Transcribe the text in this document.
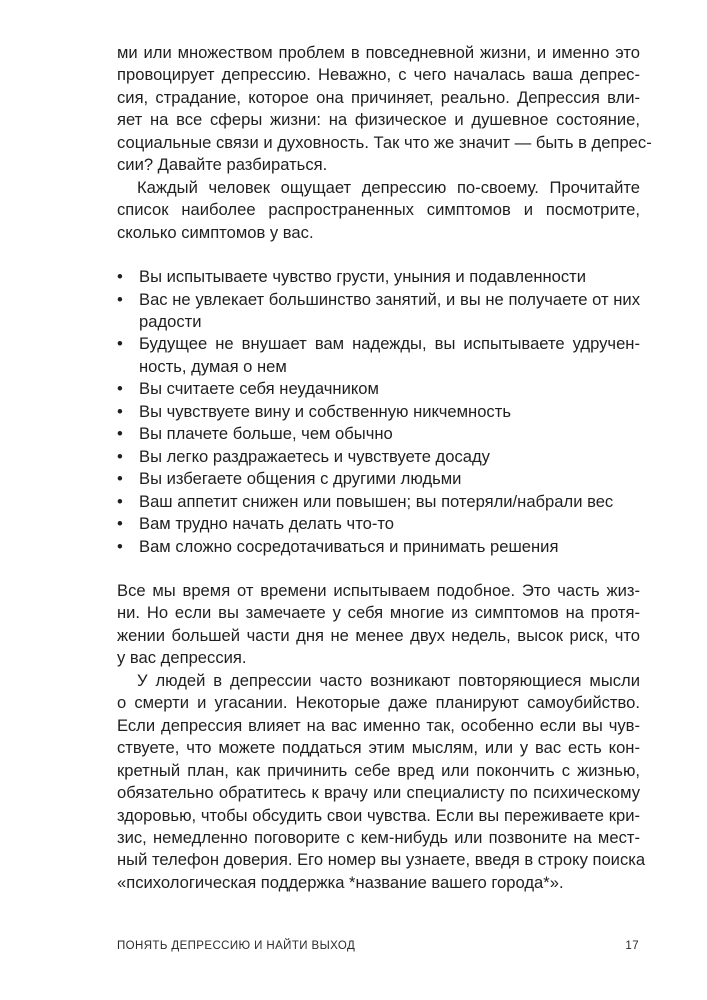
ми или множеством проблем в повседневной жизни, и именно это
провоцирует депрессию. Неважно, с чего началась ваша депрес-
сия, страдание, которое она причиняет, реально. Депрессия вли-
яет на все сферы жизни: на физическое и душевное состояние,
социальные связи и духовность. Так что же значит — быть в депрес-
сии? Давайте разбираться.
Каждый человек ощущает депрессию по-своему. Прочитайте
список наиболее распространенных симптомов и посмотрите,
сколько симптомов у вас.
• Вы испытываете чувство грусти, уныния и подавленности
• Вас не увлекает большинство занятий, и вы не получаете от них
радости
• Будущее не внушает вам надежды, вы испытываете удручен-
ность, думая о нем
• Вы считаете себя неудачником
• Вы чувствуете вину и собственную никчемность
• Вы плачете больше, чем обычно
• Вы легко раздражаетесь и чувствуете досаду
• Вы избегаете общения с другими людьми
• Ваш аппетит снижен или повышен; вы потеряли/набрали вес
• Вам трудно начать делать что-то
• Вам сложно сосредотачиваться и принимать решения
Все мы время от времени испытываем подобное. Это часть жиз-
ни. Но если вы замечаете у себя многие из симптомов на протя-
жении большей части дня не менее двух недель, высок риск, что
у вас депрессия.
У людей в депрессии часто возникают повторяющиеся мысли
о смерти и угасании. Некоторые даже планируют самоубийство.
Если депрессия влияет на вас именно так, особенно если вы чув-
ствуете, что можете поддаться этим мыслям, или у вас есть кон-
кретный план, как причинить себе вред или покончить с жизнью,
обязательно обратитесь к врачу или специалисту по психическому
здоровью, чтобы обсудить свои чувства. Если вы переживаете кри-
зис, немедленно поговорите с кем-нибудь или позвоните на мест-
ный телефон доверия. Его номер вы узнаете, введя в строку поиска
«психологическая поддержка *название вашего города*».
ПОНЯТЬ ДЕПРЕССИЮ И НАЙТИ ВЫХОД	17
